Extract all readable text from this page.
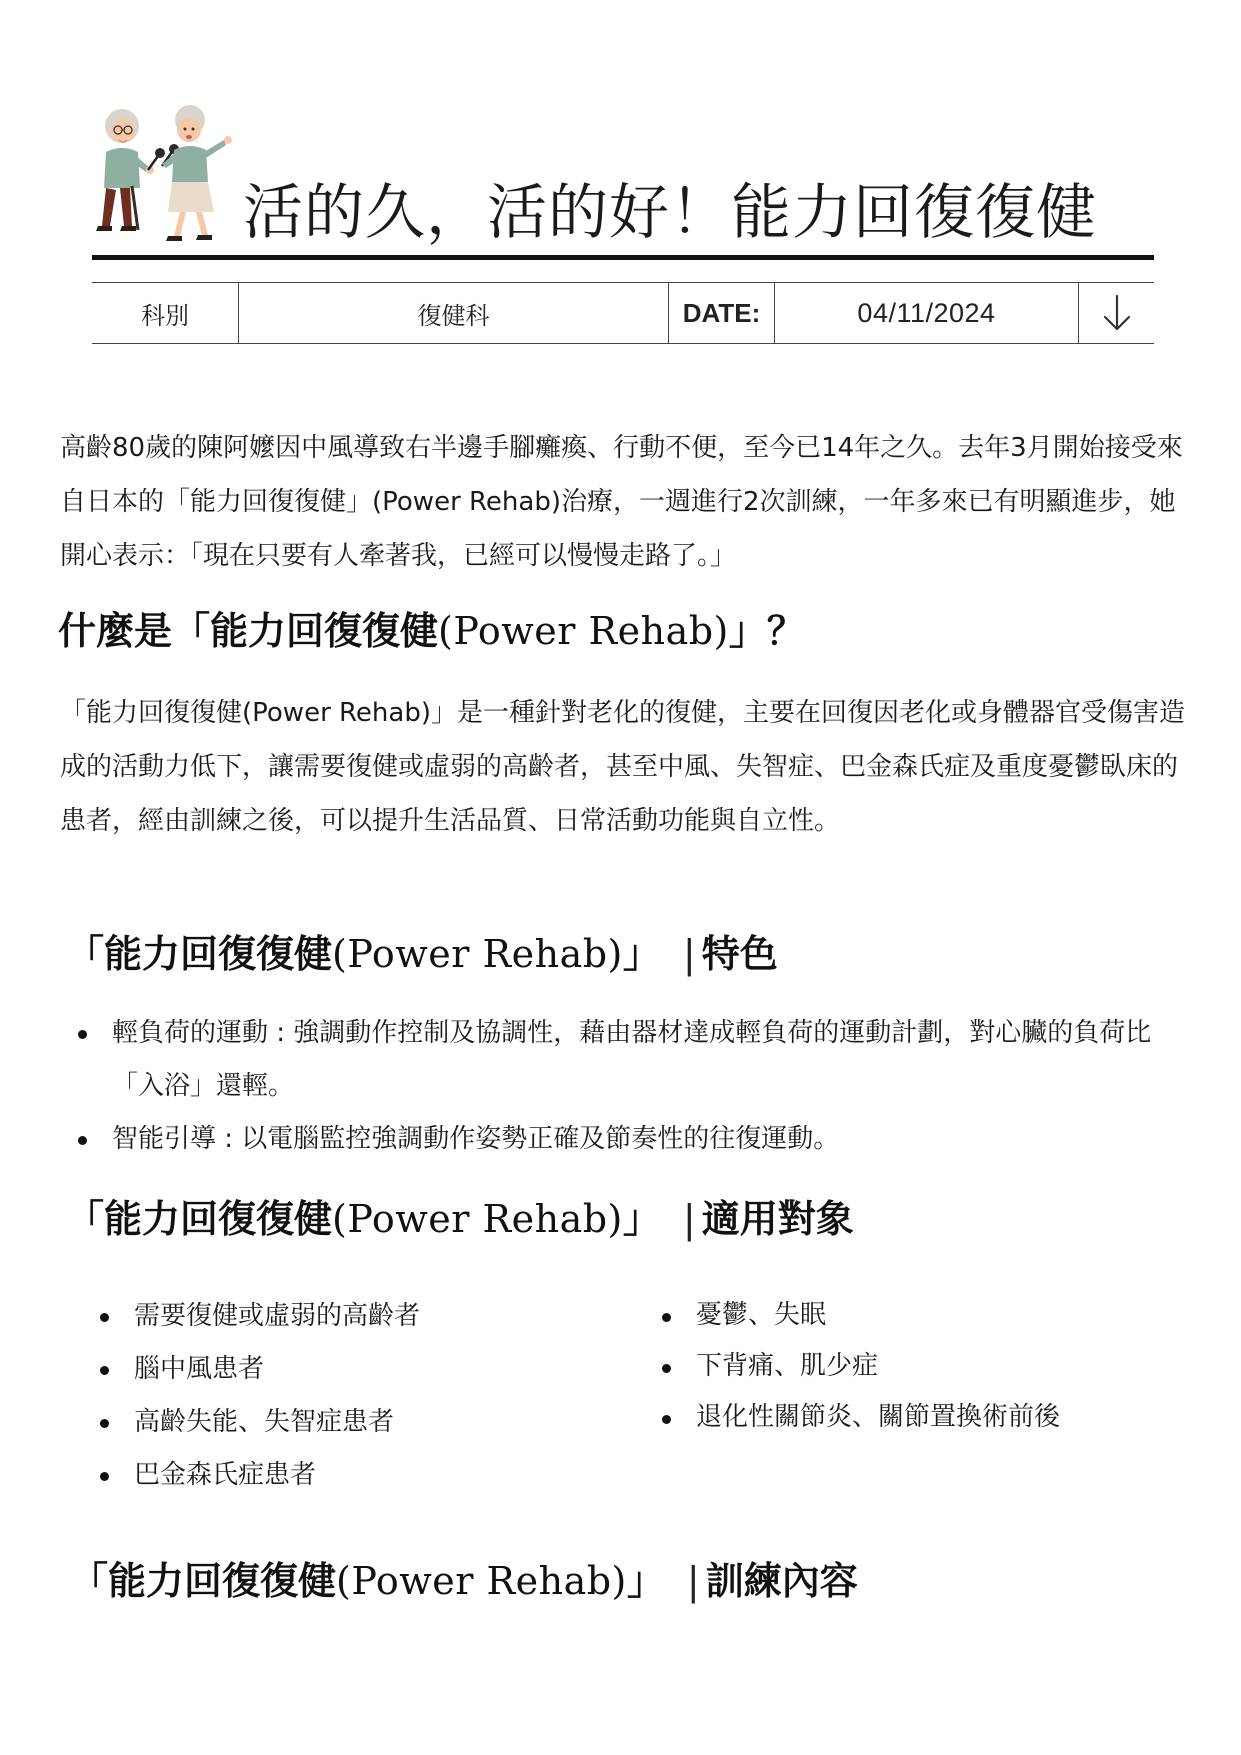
活的久，活的好！能力回復復健
科別	復健科	DATE:	04/11/2024

高齡80歲的陳阿嬤因中風導致右半邊手腳癱瘓、行動不便，至今已14年之久。去年3月開始接受來自日本的「能力回復復健」(Power Rehab)治療，一週進行2次訓練，一年多來已有明顯進步，她開心表示：「現在只要有人牽著我，已經可以慢慢走路了。」

什麼是「能力回復復健(Power Rehab)」？

「能力回復復健(Power Rehab)」是一種針對老化的復健，主要在回復因老化或身體器官受傷害造成的活動力低下，讓需要復健或虛弱的高齡者，甚至中風、失智症、巴金森氏症及重度憂鬱臥床的患者，經由訓練之後，可以提升生活品質、日常活動功能與自立性。

「能力回復復健(Power Rehab)」 | 特色
輕負荷的運動 : 強調動作控制及協調性，藉由器材達成輕負荷的運動計劃，對心臟的負荷比「入浴」還輕。
智能引導 : 以電腦監控強調動作姿勢正確及節奏性的往復運動。
「能力回復復健(Power Rehab)」 | 適用對象
需要復健或虛弱的高齡者
腦中風患者
高齡失能、失智症患者
巴金森氏症患者
憂鬱、失眠
下背痛、肌少症
退化性關節炎、關節置換術前後
「能力回復復健(Power Rehab)」 | 訓練內容
